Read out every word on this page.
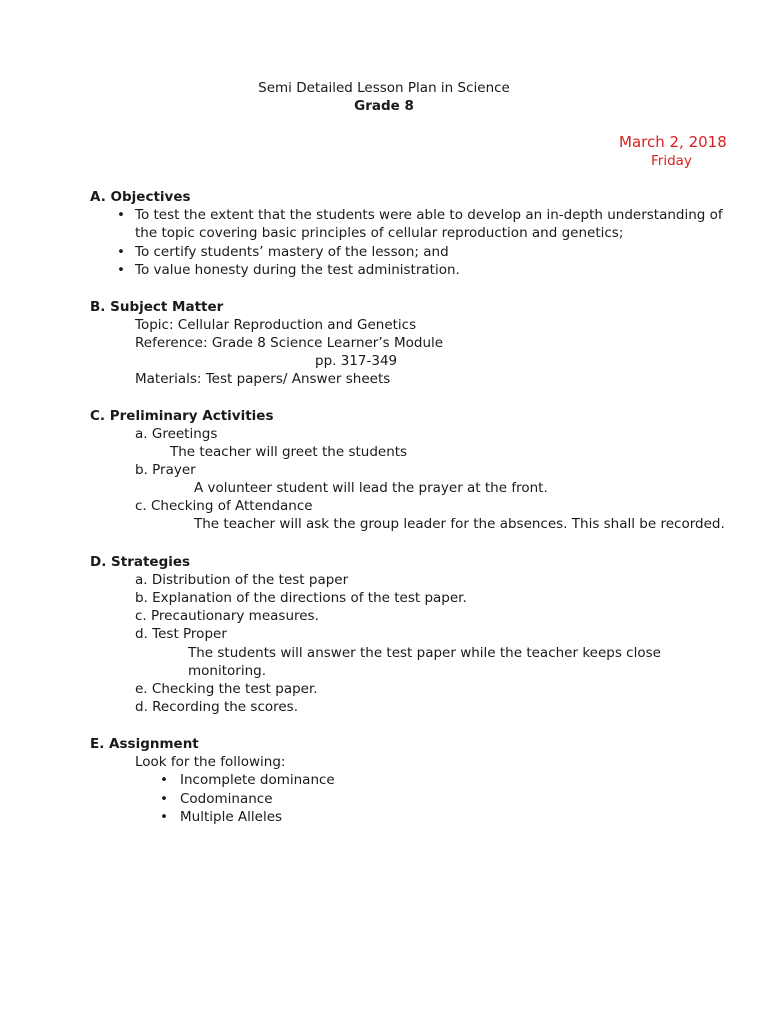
Semi Detailed Lesson Plan in Science
Grade 8
March 2, 2018
Friday
A. Objectives
• To test the extent that the students were able to develop an in-depth understanding of
the topic covering basic principles of cellular reproduction and genetics;
• To certify students’ mastery of the lesson; and
• To value honesty during the test administration.
B. Subject Matter
Topic: Cellular Reproduction and Genetics
Reference: Grade 8 Science Learner’s Module
pp. 317-349
Materials: Test papers/ Answer sheets
C. Preliminary Activities
a. Greetings
The teacher will greet the students
b. Prayer
A volunteer student will lead the prayer at the front.
c. Checking of Attendance
The teacher will ask the group leader for the absences. This shall be recorded.
D. Strategies
a. Distribution of the test paper
b. Explanation of the directions of the test paper.
c. Precautionary measures.
d. Test Proper
The students will answer the test paper while the teacher keeps close
monitoring.
e. Checking the test paper.
d. Recording the scores.
E. Assignment
Look for the following:
• Incomplete dominance
• Codominance
• Multiple Alleles
